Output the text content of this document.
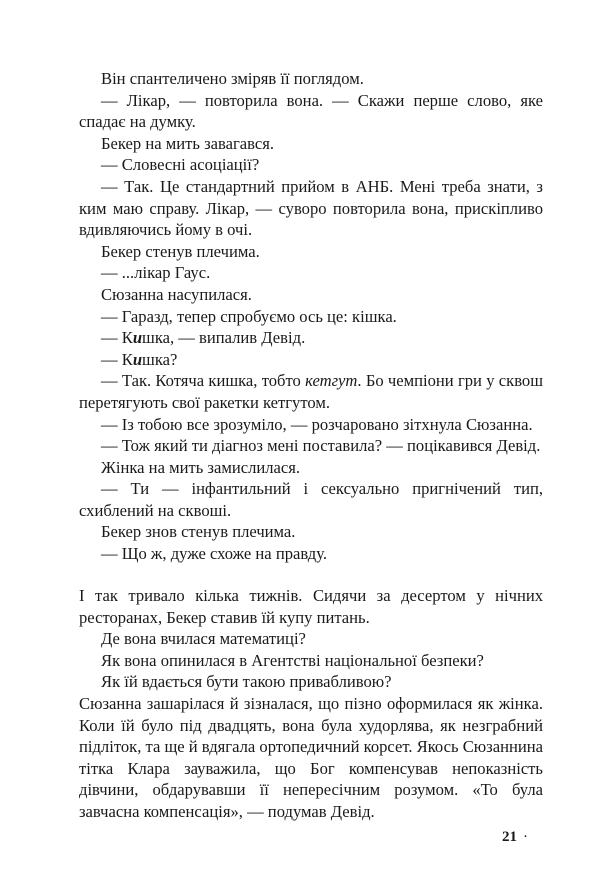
Він спантеличено зміряв її поглядом.

— Лікар, — повторила вона. — Скажи перше слово, яке спадає на думку.

Бекер на мить завагався.

— Словесні асоціації?

— Так. Це стандартний прийом в АНБ. Мені треба знати, з ким маю справу. Лікар, — суворо повторила вона, прискіпливо вдивляючись йому в очі.

Бекер стенув плечима.

— ...лікар Гаус.

Сюзанна насупилася.

— Гаразд, тепер спробуємо ось це: кішка.

— Кишка, — випалив Девід.

— Кишка?

— Так. Котяча кишка, тобто кетгут. Бо чемпіони гри у сквош перетягують свої ракетки кетгутом.

— Із тобою все зрозуміло, — розчаровано зітхнула Сюзанна.

— Тож який ти діагноз мені поставила? — поцікавився Девід.

Жінка на мить замислилася.

— Ти — інфантильний і сексуально пригнічений тип, схиблений на сквоші.

Бекер знов стенув плечима.

— Що ж, дуже схоже на правду.

І так тривало кілька тижнів. Сидячи за десертом у нічних ресторанах, Бекер ставив їй купу питань.

Де вона вчилася математиці?

Як вона опинилася в Агентстві національної безпеки?

Як їй вдається бути такою привабливою?

Сюзанна зашарілася й зізналася, що пізно оформилася як жінка. Коли їй було під двадцять, вона була худорлява, як незграбний підліток, та ще й вдягала ортопедичний корсет. Якось Сюзаннина тітка Клара зауважила, що Бог компенсував непоказність дівчини, обдарувавши її непересічним розумом. «То була завчасна компенсація», — подумав Девід.

21 ·
